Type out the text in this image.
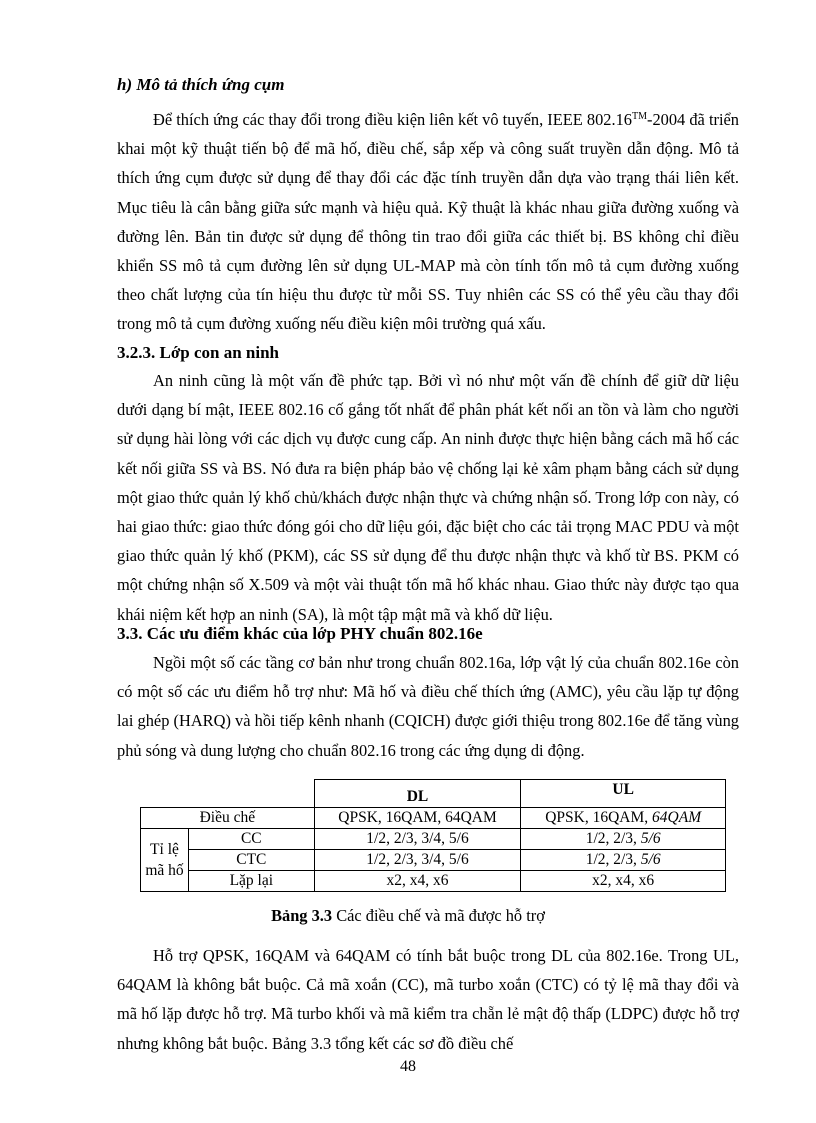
h) Mô tả thích ứng cụm

Để thích ứng các thay đổi trong điều kiện liên kết vô tuyến, IEEE 802.16™-2004 đã triển khai một kỹ thuật tiến bộ để mã hố, điều chế, sắp xếp và công suất truyền dẫn động. Mô tả thích ứng cụm được sử dụng để thay đổi các đặc tính truyền dẫn dựa vào trạng thái liên kết. Mục tiêu là cân bằng giữa sức mạnh và hiệu quả. Kỹ thuật là khác nhau giữa đường xuống và đường lên. Bản tin được sử dụng để thông tin trao đổi giữa các thiết bị. BS không chỉ điều khiển SS mô tả cụm đường lên sử dụng UL-MAP mà còn tính tốn mô tả cụm đường xuống theo chất lượng của tín hiệu thu được từ mỗi SS. Tuy nhiên các SS có thể yêu cầu thay đổi trong mô tả cụm đường xuống nếu điều kiện môi trường quá xấu.

3.2.3. Lớp con an ninh

An ninh cũng là một vấn đề phức tạp. Bởi vì nó như một vấn đề chính để giữ dữ liệu dưới dạng bí mật, IEEE 802.16 cố gắng tốt nhất để phân phát kết nối an tồn và làm cho người sử dụng hài lòng với các dịch vụ được cung cấp. An ninh được thực hiện bằng cách mã hố các kết nối giữa SS và BS. Nó đưa ra biện pháp bảo vệ chống lại kẻ xâm phạm bằng cách sử dụng một giao thức quản lý khố chủ/khách được nhận thực và chứng nhận số. Trong lớp con này, có hai giao thức: giao thức đóng gói cho dữ liệu gói, đặc biệt cho các tải trọng MAC PDU và một giao thức quản lý khố (PKM), các SS sử dụng để thu được nhận thực và khố từ BS. PKM có một chứng nhận số X.509 và một vài thuật tốn mã hố khác nhau. Giao thức này được tạo qua khái niệm kết hợp an ninh (SA), là một tập mật mã và khố dữ liệu.

3.3. Các ưu điểm khác của lớp PHY chuẩn 802.16e

Ngồi một số các tầng cơ bản như trong chuẩn 802.16a, lớp vật lý của chuẩn 802.16e còn có một số các ưu điểm hỗ trợ như: Mã hố và điều chế thích ứng (AMC), yêu cầu lặp tự động lai ghép (HARQ) và hồi tiếp kênh nhanh (CQICH) được giới thiệu trong 802.16e để tăng vùng phủ sóng và dung lượng cho chuẩn 802.16 trong các ứng dụng di động.

		DL	UL
Điều chế		QPSK, 16QAM, 64QAM	QPSK, 16QAM, 64QAM
Tỉ lệ mã hố	CC	1/2, 2/3, 3/4, 5/6	1/2, 2/3, 5/6
	CTC	1/2, 2/3, 3/4, 5/6	1/2, 2/3, 5/6
	Lặp lại	x2, x4, x6	x2, x4, x6
Bảng 3.3 Các điều chế và mã được hỗ trợ

Hỗ trợ QPSK, 16QAM và 64QAM có tính bắt buộc trong DL của 802.16e. Trong UL, 64QAM là không bắt buộc. Cả mã xoắn (CC), mã turbo xoắn (CTC) có tỷ lệ mã thay đổi và mã hố lặp được hỗ trợ. Mã turbo khối và mã kiểm tra chẵn lẻ mật độ thấp (LDPC) được hỗ trợ nhưng không bắt buộc. Bảng 3.3 tổng kết các sơ đồ điều chế

48
